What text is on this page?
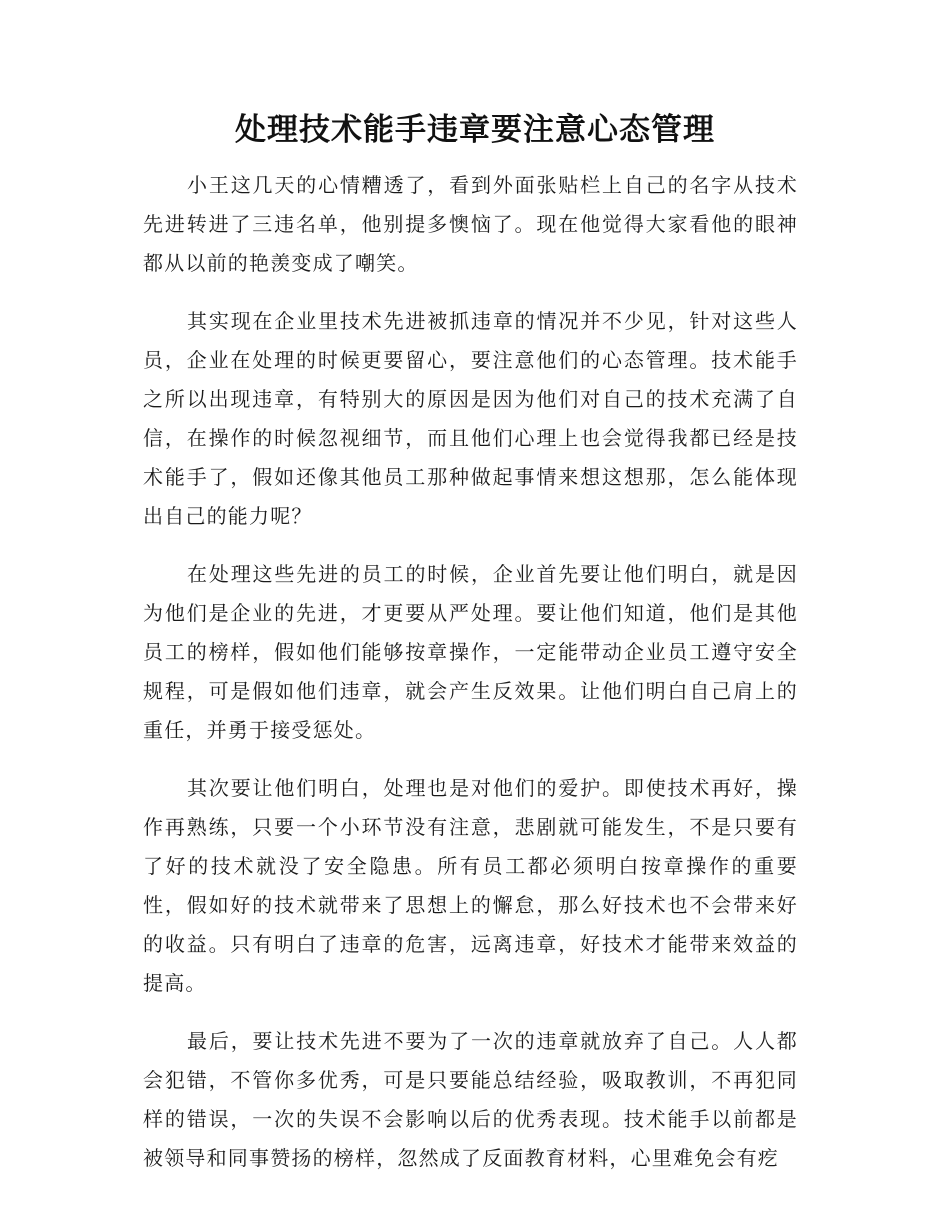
处理技术能手违章要注意心态管理

小王这几天的心情糟透了，看到外面张贴栏上自己的名字从技术先进转进了三违名单，他别提多懊恼了。现在他觉得大家看他的眼神都从以前的艳羡变成了嘲笑。

其实现在企业里技术先进被抓违章的情况并不少见，针对这些人员，企业在处理的时候更要留心，要注意他们的心态管理。技术能手之所以出现违章，有特别大的原因是因为他们对自己的技术充满了自信，在操作的时候忽视细节，而且他们心理上也会觉得我都已经是技术能手了，假如还像其他员工那种做起事情来想这想那，怎么能体现出自己的能力呢？

在处理这些先进的员工的时候，企业首先要让他们明白，就是因为他们是企业的先进，才更要从严处理。要让他们知道，他们是其他员工的榜样，假如他们能够按章操作，一定能带动企业员工遵守安全规程，可是假如他们违章，就会产生反效果。让他们明白自己肩上的重任，并勇于接受惩处。

其次要让他们明白，处理也是对他们的爱护。即使技术再好，操作再熟练，只要一个小环节没有注意，悲剧就可能发生，不是只要有了好的技术就没了安全隐患。所有员工都必须明白按章操作的重要性，假如好的技术就带来了思想上的懈怠，那么好技术也不会带来好的收益。只有明白了违章的危害，远离违章，好技术才能带来效益的提高。

最后，要让技术先进不要为了一次的违章就放弃了自己。人人都会犯错，不管你多优秀，可是只要能总结经验，吸取教训，不再犯同样的错误，一次的失误不会影响以后的优秀表现。技术能手以前都是被领导和同事赞扬的榜样，忽然成了反面教育材料，心里难免会有疙
